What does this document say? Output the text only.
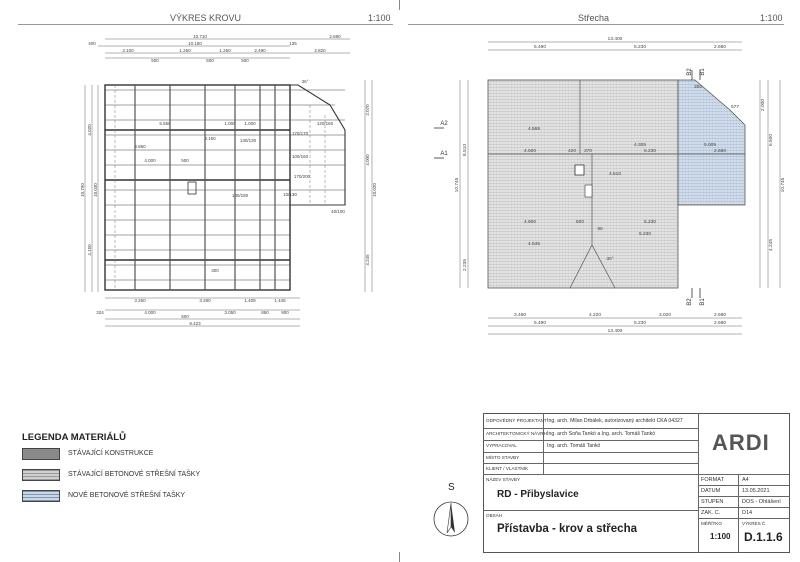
VÝKRES KROVU	1:100
10.710	2.690
400	10.180	135
3.100	1.250	1.250	2.490	2.820
500	500	500
3.260	3.290	1.409	1.445
324	4.000	3.050	850	900
500
9.423
5.550	1.000 1.000
4.000	500
3.860
3.150	130/130
130/180
100/160
170/170
170/200
120/160
10/130
40/100
300
36°
10.790
4.020
10.030
4.150
10.020
4.000
4.245
2.070
LEGENDA MATERIÁLŮ
STÁVAJÍCÍ KONSTRUKCE
STÁVAJÍCÍ BETONOVÉ STŘEŠNÍ TAŠKY
NOVÉ BETONOVÉ STŘEŠNÍ TAŠKY
Střecha	1:100
13.400
5.490	5.230	2.680
4.500	420 370
4.305
5.230	2.680
4.900	500	5.230
3.460	4.220	3.020	2.680
5.490	5.230	2.680
13.400
4.569
4.510
5.005
5.230
4.545
90
300
30°
577
10.745
8.510
2.235
10.745
6.500
4.245
2.000
A2
A1
B2 B1
B2 B1
S
ODPOVĚDNÝ PROJEKTANT Ing. arch. Milan Drbálek, autorizovaný architekt ČKA 04327
ARCHITEKTONICKÝ NÁVRH Ing. arch Soňa Tankó a Ing. arch. Tomáš Tankó
VYPRACOVAL	Ing. arch. Tomáš Tankó
MÍSTO STAVBY
KLIENT / VLASTNÍK
ARDI
NÁZEV STAVBY
RD - Přibyslavice
OBSAH
Přístavba - krov a střecha
FORMÁT	A4
DATUM	13.05.2021
STUPEŇ	DOS - Ohlášení
ZAK. Č.	D14
MĚŘÍTKO
1:100
VÝKRES Č.
D.1.1.6
